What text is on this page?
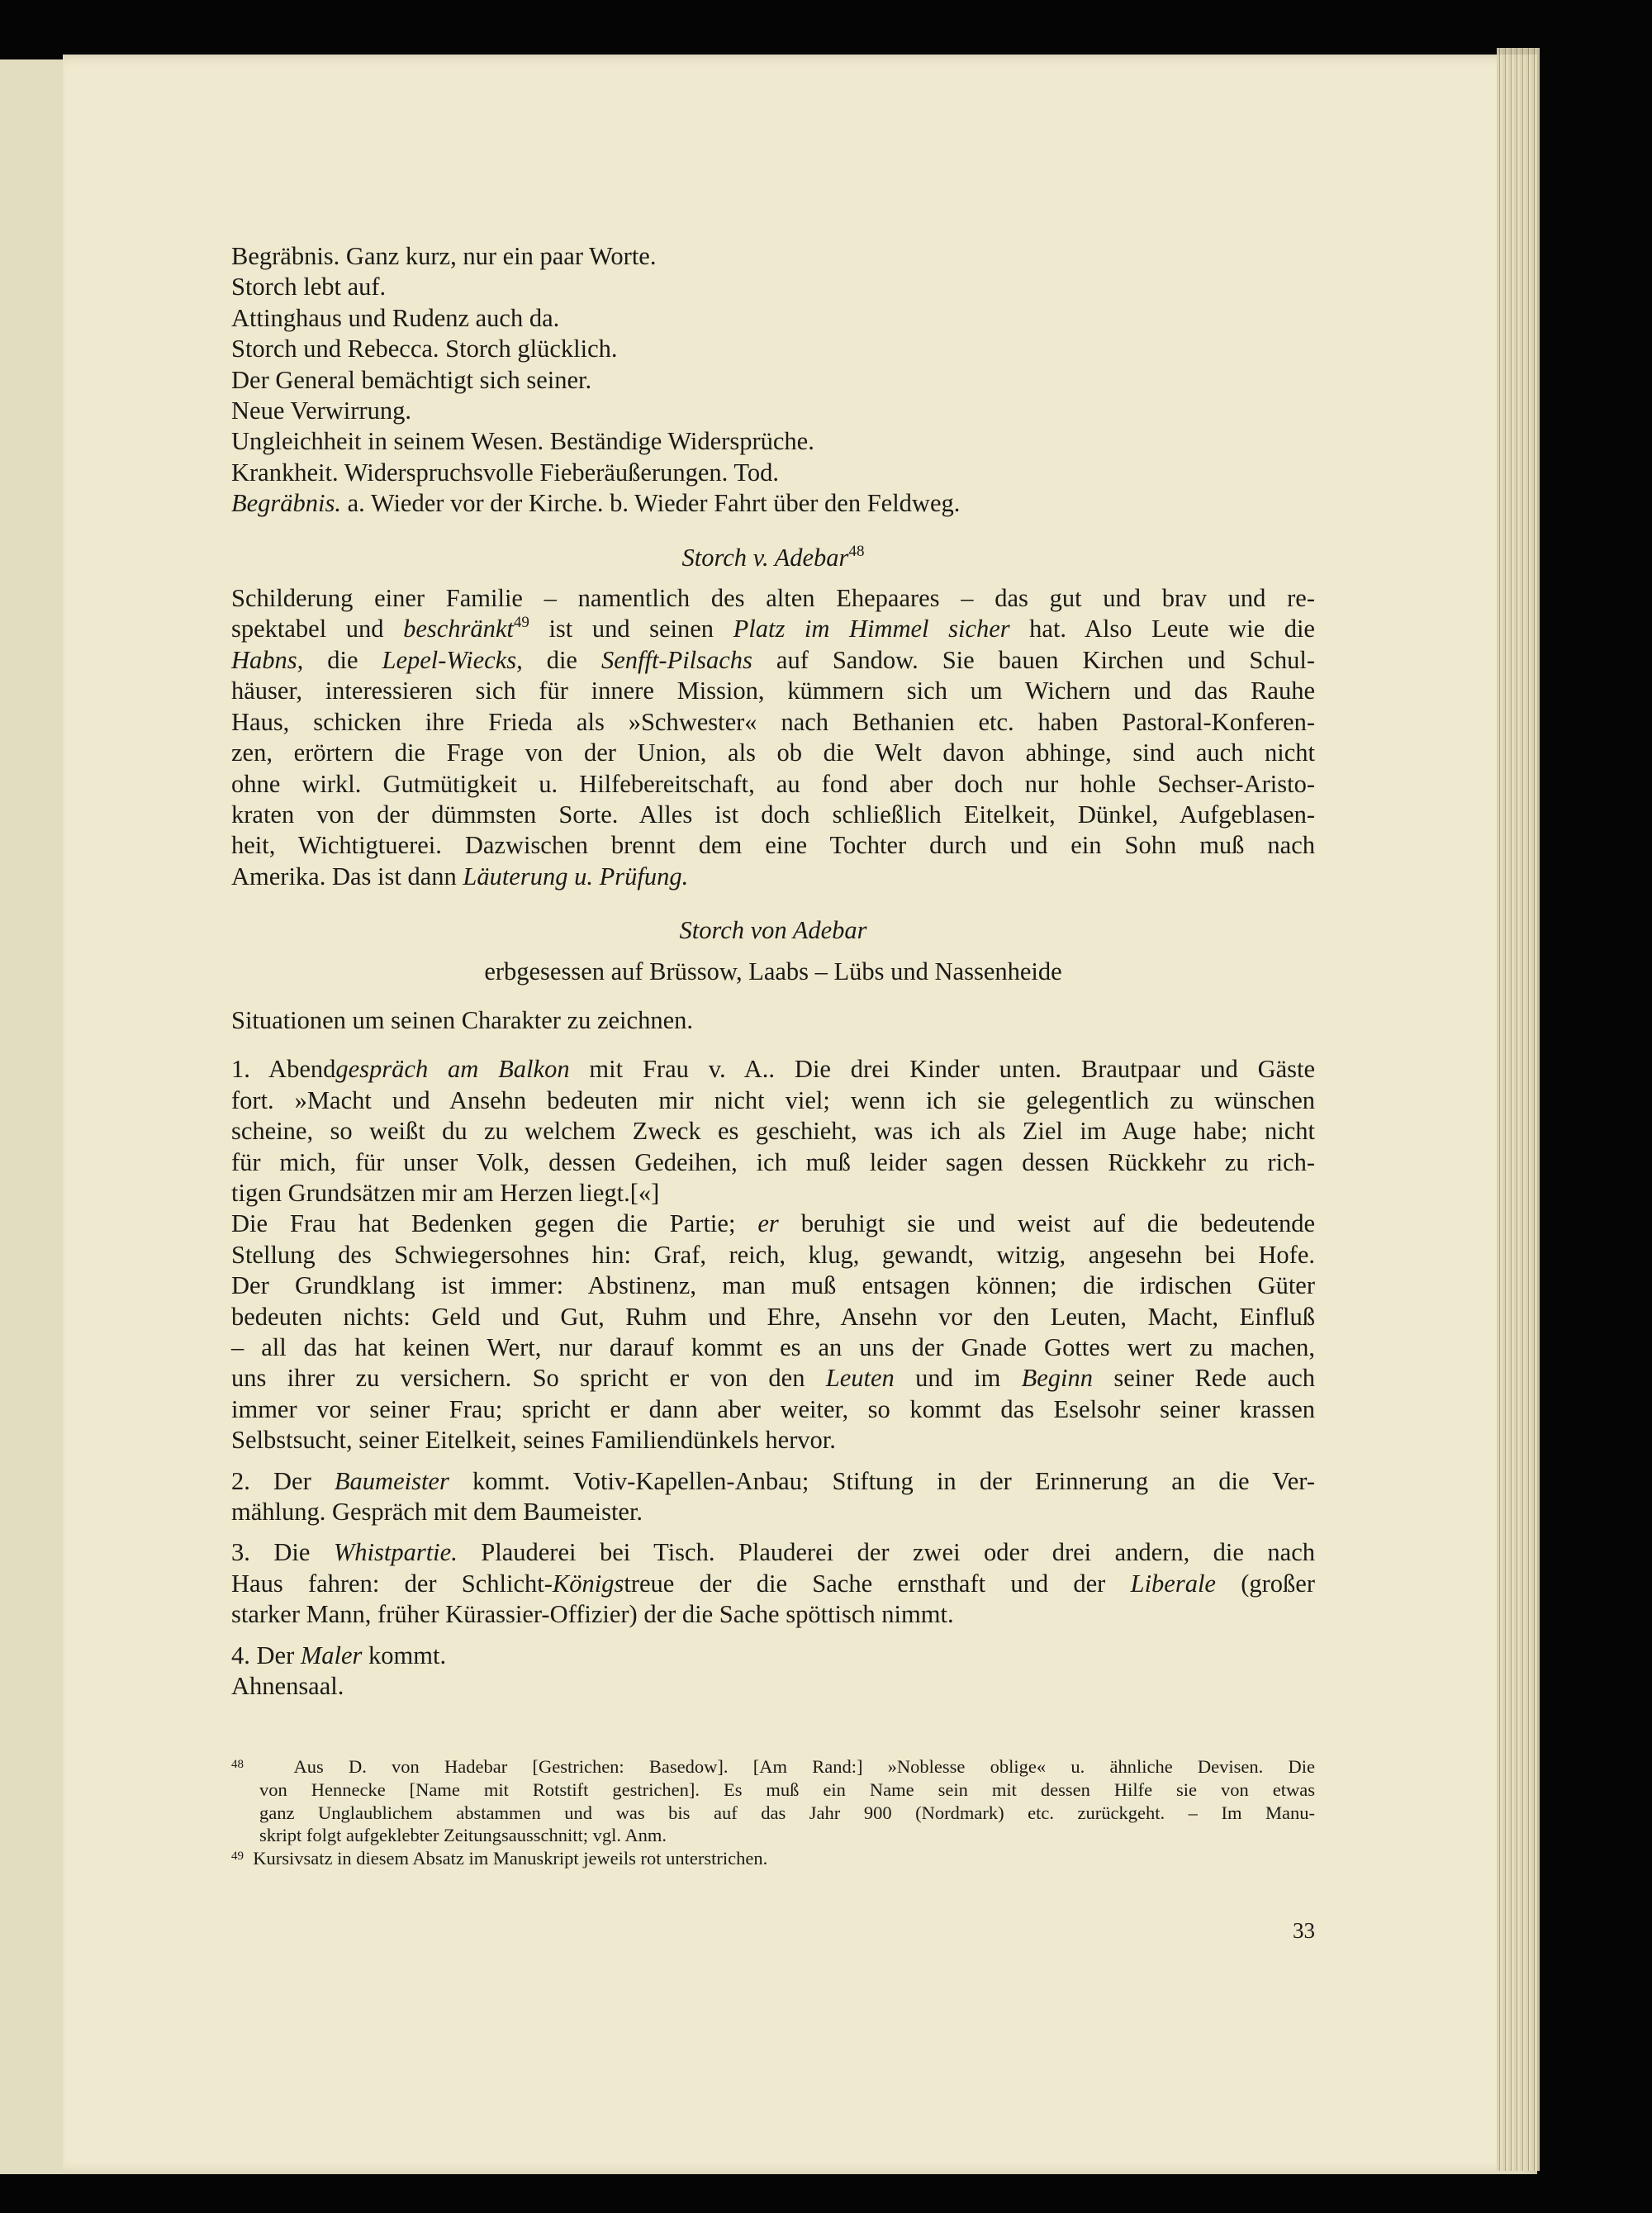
Begräbnis. Ganz kurz, nur ein paar Worte.
Storch lebt auf.
Attinghaus und Rudenz auch da.
Storch und Rebecca. Storch glücklich.
Der General bemächtigt sich seiner.
Neue Verwirrung.
Ungleichheit in seinem Wesen. Beständige Widersprüche.
Krankheit. Widerspruchsvolle Fieberäußerungen. Tod.
Begräbnis. a. Wieder vor der Kirche. b. Wieder Fahrt über den Feldweg.
Storch v. Adebar$^{48}$
Schilderung einer Familie – namentlich des alten Ehepaares – das gut und brav und re-
spektabel und beschränkt$^{49}$ ist und seinen Platz im Himmel sicher hat. Also Leute wie die
Habns, die Lepel-Wiecks, die Senfft-Pilsachs auf Sandow. Sie bauen Kirchen und Schul-
häuser, interessieren sich für innere Mission, kümmern sich um Wichern und das Rauhe
Haus, schicken ihre Frieda als »Schwester« nach Bethanien etc. haben Pastoral-Konferen-
zen, erörtern die Frage von der Union, als ob die Welt davon abhinge, sind auch nicht
ohne wirkl. Gutmütigkeit u. Hilfebereitschaft, au fond aber doch nur hohle Sechser-Aristo-
kraten von der dümmsten Sorte. Alles ist doch schließlich Eitelkeit, Dünkel, Aufgeblasen-
heit, Wichtigtuerei. Dazwischen brennt dem eine Tochter durch und ein Sohn muß nach
Amerika. Das ist dann Läuterung u. Prüfung.
Storch von Adebar
erbgesessen auf Brüssow, Laabs – Lübs und Nassenheide
Situationen um seinen Charakter zu zeichnen.
1. Abendgespräch am Balkon mit Frau v. A.. Die drei Kinder unten. Brautpaar und Gäste
fort. »Macht und Ansehn bedeuten mir nicht viel; wenn ich sie gelegentlich zu wünschen
scheine, so weißt du zu welchem Zweck es geschieht, was ich als Ziel im Auge habe; nicht
für mich, für unser Volk, dessen Gedeihen, ich muß leider sagen dessen Rückkehr zu rich-
tigen Grundsätzen mir am Herzen liegt.[«]
Die Frau hat Bedenken gegen die Partie; er beruhigt sie und weist auf die bedeutende
Stellung des Schwiegersohnes hin: Graf, reich, klug, gewandt, witzig, angesehn bei Hofe.
Der Grundklang ist immer: Abstinenz, man muß entsagen können; die irdischen Güter
bedeuten nichts: Geld und Gut, Ruhm und Ehre, Ansehn vor den Leuten, Macht, Einfluß
– all das hat keinen Wert, nur darauf kommt es an uns der Gnade Gottes wert zu machen,
uns ihrer zu versichern. So spricht er von den Leuten und im Beginn seiner Rede auch
immer vor seiner Frau; spricht er dann aber weiter, so kommt das Eselsohr seiner krassen
Selbstsucht, seiner Eitelkeit, seines Familiendünkels hervor.
2. Der Baumeister kommt. Votiv-Kapellen-Anbau; Stiftung in der Erinnerung an die Ver-
mählung. Gespräch mit dem Baumeister.
3. Die Whistpartie. Plauderei bei Tisch. Plauderei der zwei oder drei andern, die nach
Haus fahren: der Schlicht-Königstreue der die Sache ernsthaft und der Liberale (großer
starker Mann, früher Kürassier-Offizier) der die Sache spöttisch nimmt.
4. Der Maler kommt.
Ahnensaal.
$^{48}$	Aus D. von Hadebar [Gestrichen: Basedow]. [Am Rand:] »Noblesse oblige« u. ähnliche Devisen. Die
von Hennecke [Name mit Rotstift gestrichen]. Es muß ein Name sein mit dessen Hilfe sie von etwas
ganz Unglaublichem abstammen und was bis auf das Jahr 900 (Nordmark) etc. zurückgeht. – Im Manu-
skript folgt aufgeklebter Zeitungsausschnitt; vgl. Anm.
$^{49}$ Kursivsatz in diesem Absatz im Manuskript jeweils rot unterstrichen.
33
